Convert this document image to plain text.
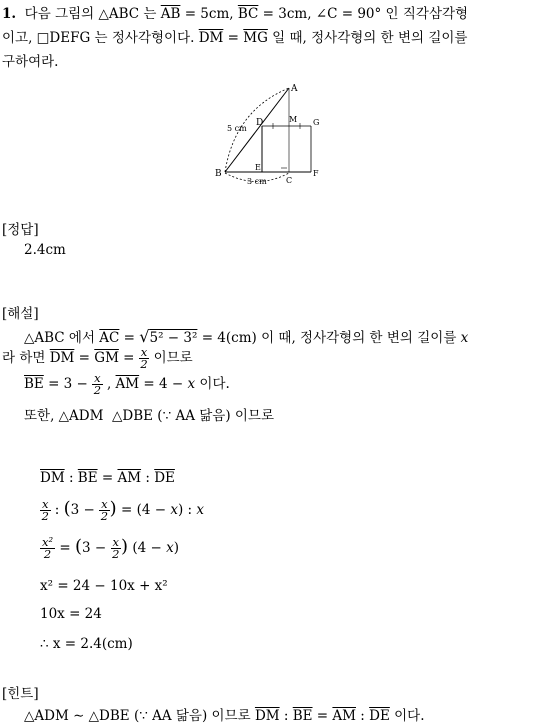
1.  다음 그림의 △ABC 는 $\overline{AB} = 5cm$, $\overline{BC} = 3cm$, ∠C = 90° 인 직각삼각형
이고, □DEFG 는 정사각형이다. $\overline{DM} = \overline{MG}$ 일 때, 정사각형의 한 변의 길이를
구하여라.
A
B
C
D
E
F
G
M
5 cm
3 cm
[정답]
2.4cm
[해설]
△ABC 에서 $\overline{AC} = √5^2 - 3^2 = 4(cm)$ 이 때, 정사각형의 한 변의 길이를 x
라 하면 $\overline{DM} = \overline{GM} = \frac{x}{2}$ 이므로
$\overline{BE} = 3 - \frac{x}{2}$ , $\overline{AM} = 4 - x$ 이다.
또한, △ADM  △DBE (∵ AA 닮음) 이므로
$\overline{DM}$ : $\overline{BE} = \overline{AM}$ : $\overline{DE}$
$\frac{x}{2}$ : ($3 - \frac{x}{2}$ ) = (4 − x) : x
$\frac{\text{x²}}{2} = (3 - \frac{x}{2}$ ) (4 − x)
x² = 24 − 10x + x²
10x = 24
∴ x = 2.4(cm)
[힌트]
△ADM ∼ △DBE (∵ AA 닮음) 이므로 $\overline{DM}$ : $\overline{BE} = \overline{AM}$ : $\overline{DE}$ 이다.
